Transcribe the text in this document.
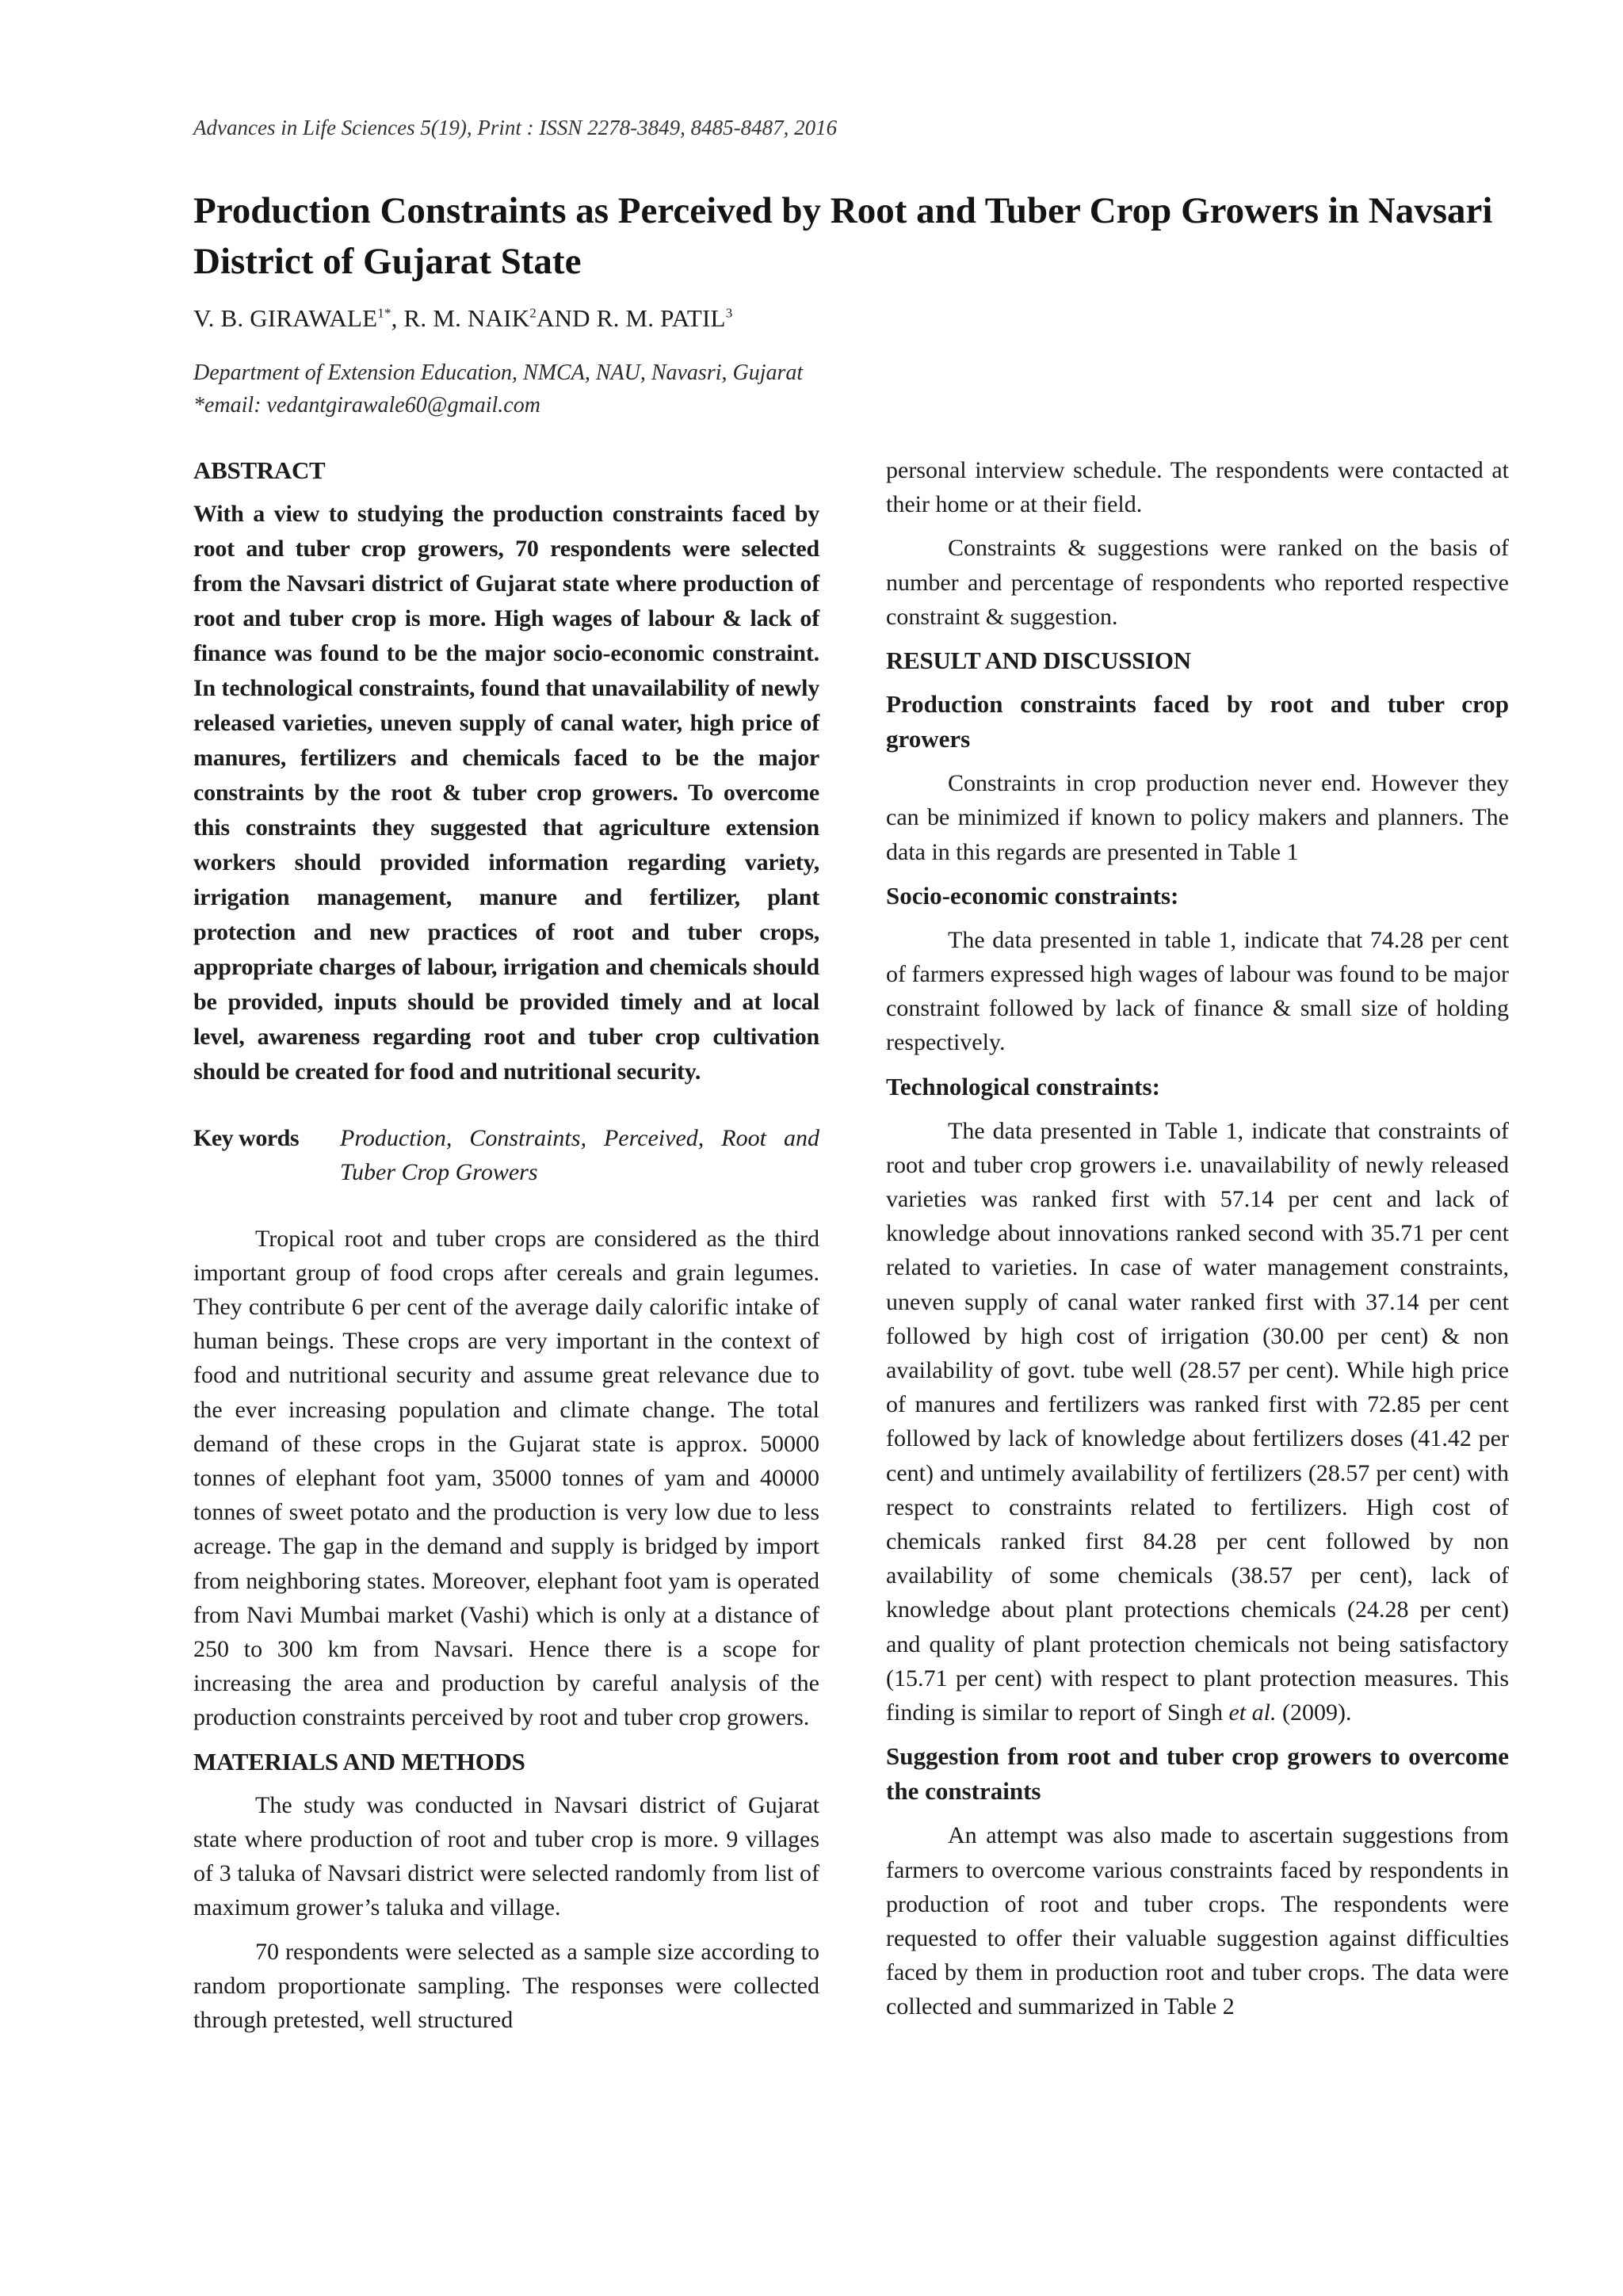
Advances in Life Sciences 5(19), Print : ISSN 2278-3849, 8485-8487, 2016
Production Constraints as Perceived by Root and Tuber Crop Growers in Navsari District of Gujarat State
V. B. $GIRAWALE^{1*}$, R. M. NAIK$^2$AND R. M. PATIL$^3$
Department of Extension Education, NMCA, NAU, Navasri, Gujarat
*email: vedantgirawale60@gmail.com
ABSTRACT

With a view to studying the production constraints faced by root and tuber crop growers, 70 respondents were selected from the Navsari district of Gujarat state where production of root and tuber crop is more. High wages of labour & lack of finance was found to be the major socio-economic constraint. In technological constraints, found that unavailability of newly released varieties, uneven supply of canal water, high price of manures, fertilizers and chemicals faced to be the major constraints by the root & tuber crop growers. To overcome this constraints they suggested that agriculture extension workers should provided information regarding variety, irrigation management, manure and fertilizer, plant protection and new practices of root and tuber crops, appropriate charges of labour, irrigation and chemicals should be provided, inputs should be provided timely and at local level, awareness regarding root and tuber crop cultivation should be created for food and nutritional security.

Key words	Production, Constraints, Perceived, Root and Tuber Crop Growers

Tropical root and tuber crops are considered as the third important group of food crops after cereals and grain legumes. They contribute 6 per cent of the average daily calorific intake of human beings. These crops are very important in the context of food and nutritional security and assume great relevance due to the ever increasing population and climate change. The total demand of these crops in the Gujarat state is approx. 50000 tonnes of elephant foot yam, 35000 tonnes of yam and 40000 tonnes of sweet potato and the production is very low due to less acreage. The gap in the demand and supply is bridged by import from neighboring states. Moreover, elephant foot yam is operated from Navi Mumbai market (Vashi) which is only at a distance of 250 to 300 km from Navsari. Hence there is a scope for increasing the area and production by careful analysis of the production constraints perceived by root and tuber crop growers.

MATERIALS AND METHODS

The study was conducted in Navsari district of Gujarat state where production of root and tuber crop is more. 9 villages of 3 taluka of Navsari district were selected randomly from list of maximum grower’s taluka and village.

70 respondents were selected as a sample size according to random proportionate sampling. The responses were collected through pretested, well structured

personal interview schedule. The respondents were contacted at their home or at their field.

Constraints & suggestions were ranked on the basis of number and percentage of respondents who reported respective constraint & suggestion.

RESULT AND DISCUSSION
Production constraints faced by root and tuber crop growers

Constraints in crop production never end. However they can be minimized if known to policy makers and planners. The data in this regards are presented in Table 1

Socio-economic constraints:

The data presented in table 1, indicate that 74.28 per cent of farmers expressed high wages of labour was found to be major constraint followed by lack of finance & small size of holding respectively.

Technological constraints:

The data presented in Table 1, indicate that constraints of root and tuber crop growers i.e. unavailability of newly released varieties was ranked first with 57.14 per cent and lack of knowledge about innovations ranked second with 35.71 per cent related to varieties. In case of water management constraints, uneven supply of canal water ranked first with 37.14 per cent followed by high cost of irrigation (30.00 per cent) & non availability of govt. tube well (28.57 per cent). While high price of manures and fertilizers was ranked first with 72.85 per cent followed by lack of knowledge about fertilizers doses (41.42 per cent) and untimely availability of fertilizers (28.57 per cent) with respect to constraints related to fertilizers. High cost of chemicals ranked first 84.28 per cent followed by non availability of some chemicals (38.57 per cent), lack of knowledge about plant protections chemicals (24.28 per cent) and quality of plant protection chemicals not being satisfactory (15.71 per cent) with respect to plant protection measures. This finding is similar to report of Singh et al. (2009).

Suggestion from root and tuber crop growers to overcome the constraints

An attempt was also made to ascertain suggestions from farmers to overcome various constraints faced by respondents in production of root and tuber crops. The respondents were requested to offer their valuable suggestion against difficulties faced by them in production root and tuber crops. The data were collected and summarized in Table 2
